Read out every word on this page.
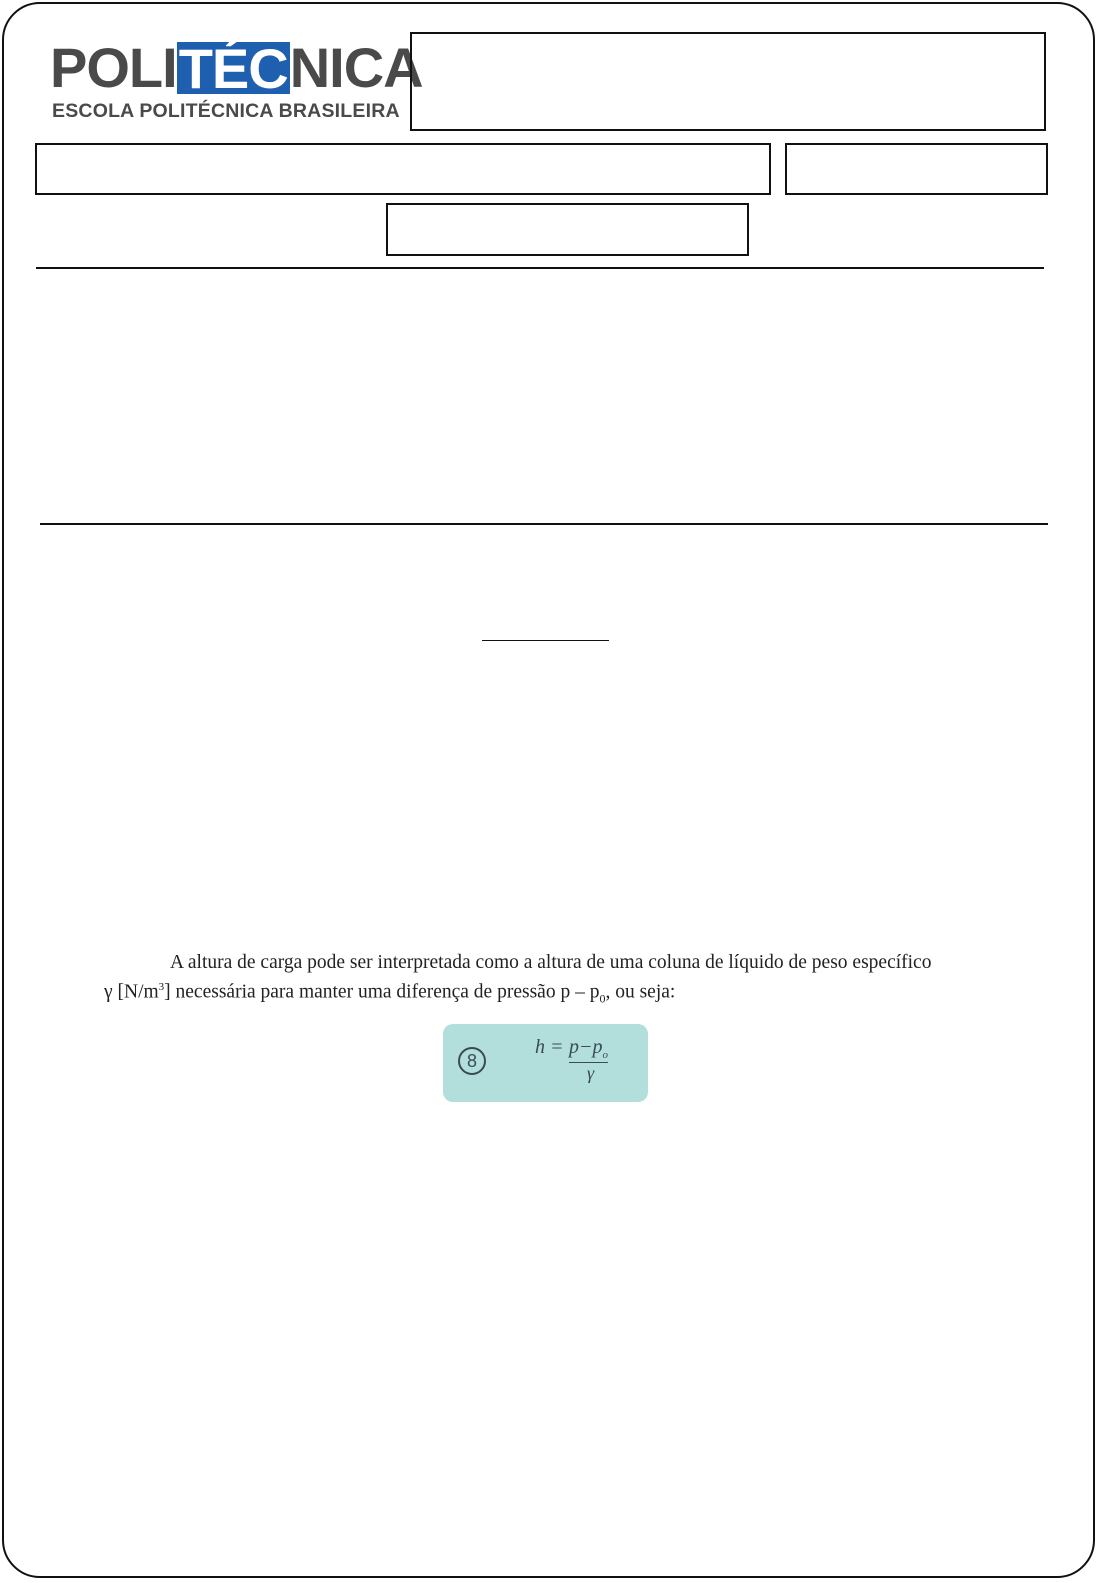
POLI TÉC NICA
ESCOLA POLITÉCNICA BRASILEIRA

A altura de carga pode ser interpretada como a altura de uma coluna de líquido de peso específico

γ $[N/m^3]$ necessária para manter uma diferença de pressão p – $p_0$, ou seja:
8
$h = p-p_o$
γ
